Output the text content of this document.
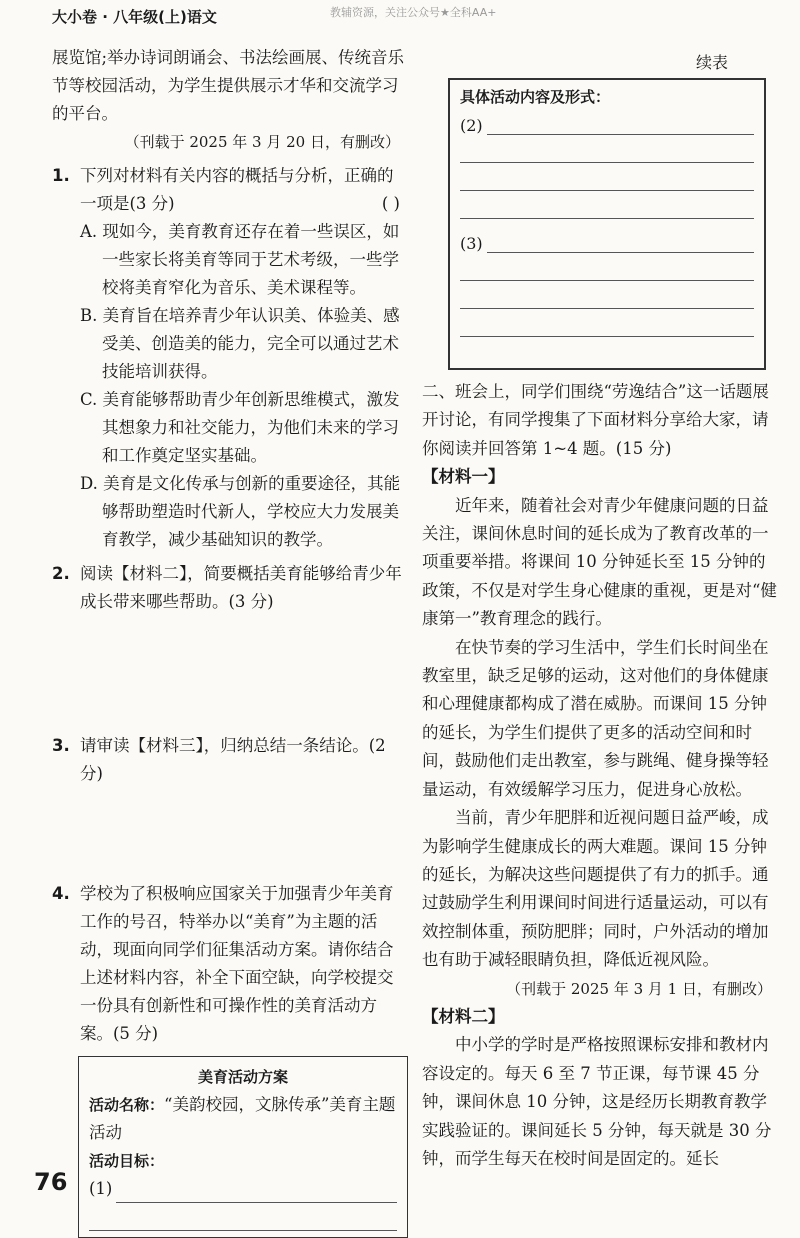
大小卷 · 八年级(上)语文	教辅资源，关注公众号★全科AA+

展览馆;举办诗词朗诵会、书法绘画展、传统音乐节等校园活动，为学生提供展示才华和交流学习的平台。

（刊载于 2025 年 3 月 20 日，有删改）

1. 下列对材料有关内容的概括与分析，正确的一项是(3 分)	( )

A. 现如今，美育教育还存在着一些误区，如一些家长将美育等同于艺术考级，一些学校将美育窄化为音乐、美术课程等。

B. 美育旨在培养青少年认识美、体验美、感受美、创造美的能力，完全可以通过艺术技能培训获得。

C. 美育能够帮助青少年创新思维模式，激发其想象力和社交能力，为他们未来的学习和工作奠定坚实基础。

D. 美育是文化传承与创新的重要途径，其能够帮助塑造时代新人，学校应大力发展美育教学，减少基础知识的教学。

2. 阅读【材料二】，简要概括美育能够给青少年成长带来哪些帮助。(3 分)
3. 请审读【材料三】，归纳总结一条结论。(2 分)
4. 学校为了积极响应国家关于加强青少年美育工作的号召，特举办以“美育”为主题的活动，现面向同学们征集活动方案。请你结合上述材料内容，补全下面空缺，向学校提交一份具有创新性和可操作性的美育活动方案。(5 分)
美育活动方案
活动名称：“美韵校园，文脉传承”美育主题活动
活动目标：
(1)
76
续表
具体活动内容及形式：
(2)
(3)

二、班会上，同学们围绕“劳逸结合”这一话题展开讨论，有同学搜集了下面材料分享给大家，请你阅读并回答第 1~4 题。(15 分)

【材料一】

近年来，随着社会对青少年健康问题的日益关注，课间休息时间的延长成为了教育改革的一项重要举措。将课间 10 分钟延长至 15 分钟的政策，不仅是对学生身心健康的重视，更是对“健康第一”教育理念的践行。

在快节奏的学习生活中，学生们长时间坐在教室里，缺乏足够的运动，这对他们的身体健康和心理健康都构成了潜在威胁。而课间 15 分钟的延长，为学生们提供了更多的活动空间和时间，鼓励他们走出教室，参与跳绳、健身操等轻量运动，有效缓解学习压力，促进身心放松。

当前，青少年肥胖和近视问题日益严峻，成为影响学生健康成长的两大难题。课间 15 分钟的延长，为解决这些问题提供了有力的抓手。通过鼓励学生利用课间时间进行适量运动，可以有效控制体重，预防肥胖；同时，户外活动的增加也有助于减轻眼睛负担，降低近视风险。

（刊载于 2025 年 3 月 1 日，有删改）

【材料二】

中小学的学时是严格按照课标安排和教材内容设定的。每天 6 至 7 节正课，每节课 45 分钟，课间休息 10 分钟，这是经历长期教育教学实践验证的。课间延长 5 分钟，每天就是 30 分钟，而学生每天在校时间是固定的。延长
